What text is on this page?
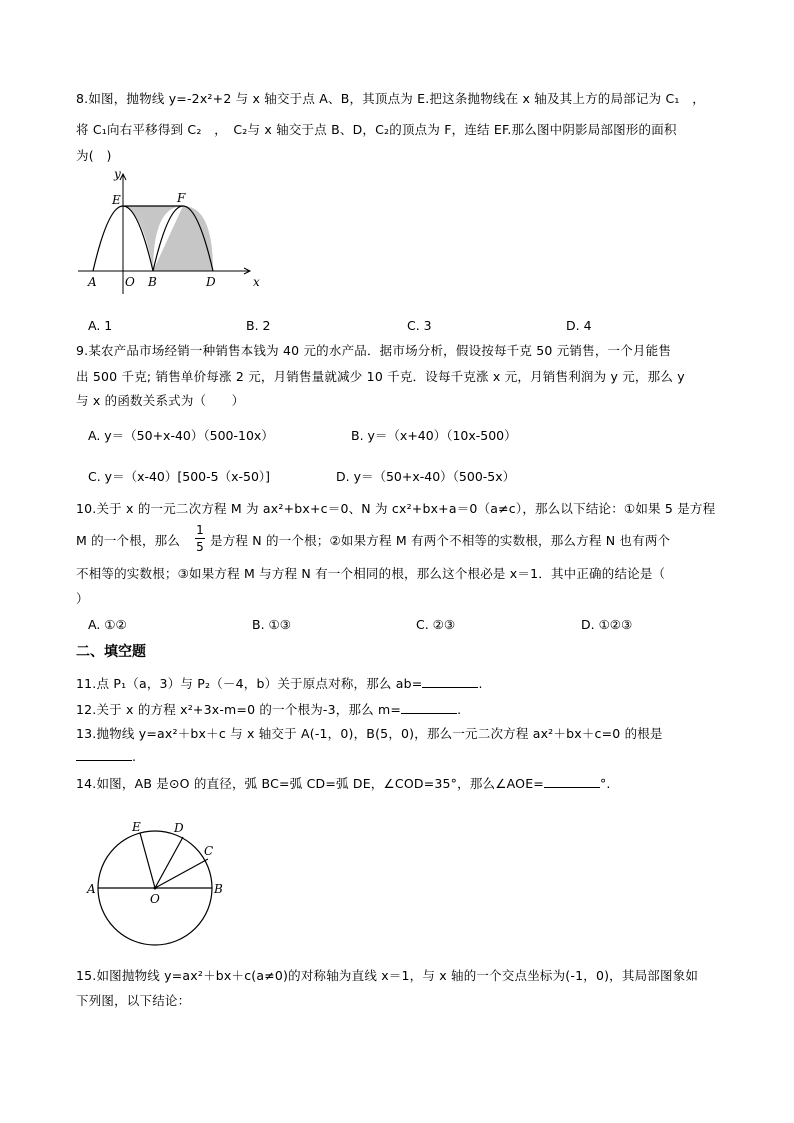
8.如图，抛物线 y=-2x²+2 与 x 轴交于点 A、B，其顶点为 E.把这条抛物线在 x 轴及其上方的局部记为 C₁　，
将 C₁向右平移得到 C₂　，　C₂与 x 轴交于点 B、D，C₂的顶点为 F，连结 EF.那么图中阴影局部图形的面积
为(　)
y
x
E	F
A O B	D
A. 1	B. 2	C. 3	D. 4
9.某农产品市场经销一种销售本钱为 40 元的水产品．据市场分析，假设按每千克 50 元销售，一个月能售
出 500 千克; 销售单价每涨 2 元，月销售量就减少 10 千克．设每千克涨 x 元，月销售利润为 y 元，那么 y
与 x 的函数关系式为（　　）
A. y＝（50+x-40）（500-10x）	B. y＝（x+40）（10x-500）
C. y＝（x-40）[500-5（x-50）]	D. y＝（50+x-40）（500-5x）
10.关于 x 的一元二次方程 M 为 ax²+bx+c＝0、N 为 cx²+bx+a＝0（a≠c），那么以下结论：①如果 5 是方程
M 的一个根，那么
1
5 是方程 N 的一个根；②如果方程 M 有两个不相等的实数根，那么方程 N 也有两个
不相等的实数根；③如果方程 M 与方程 N 有一个相同的根，那么这个根必是 x＝1．其中正确的结论是（
）
A. ①②	B. ①③	C. ②③	D. ①②③
二、填空题
11.点 P₁（a，3）与 P₂（－4，b）关于原点对称，那么 ab=	.
12.关于 x 的方程 x²+3x-m=0 的一个根为-3，那么 m=	.
13.抛物线 y=ax²＋bx＋c 与 x 轴交于 A(-1，0)，B(5，0)，那么一元二次方程 ax²＋bx＋c=0 的根是
.
14.如图，AB 是⊙O 的直径，弧 BC=弧 CD=弧 DE，∠COD=35°，那么∠AOE=	°.
E	D
C
A
O
B
15.如图抛物线 y=ax²＋bx＋c(a≠0)的对称轴为直线 x＝1，与 x 轴的一个交点坐标为(-1，0)，其局部图象如
下列图，以下结论：
